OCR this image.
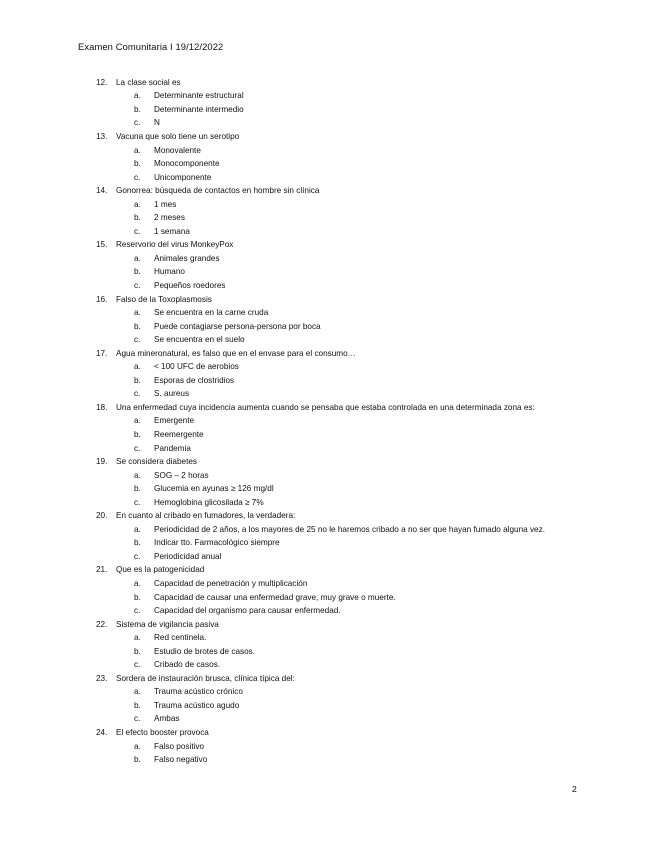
Examen Comunitaria I 19/12/2022
12.	La clase social es
a.	Determinante estructural
b.	Determinante intermedio
c.	N
13.	Vacuna que solo tiene un serotipo
a.	Monovalente
b.	Monocomponente
c.	Unicomponente
14.	Gonorrea: búsqueda de contactos en hombre sin clínica
a.	1 mes
b.	2 meses
c.	1 semana
15.	Reservorio del virus MonkeyPox
a.	Animales grandes
b.	Humano
c.	Pequeños roedores
16.	Falso de la Toxoplasmosis
a.	Se encuentra en la carne cruda
b.	Puede contagiarse persona-persona por boca
c.	Se encuentra en el suelo
17.	Agua mineronatural, es falso que en el envase para el consumo…
a.	< 100 UFC de aerobios
b.	Esporas de clostridios
c.	S. aureus
18.	Una enfermedad cuya incidencia aumenta cuando se pensaba que estaba controlada en una determinada zona es:
a.	Emergente
b.	Reemergente
c.	Pandemia
19.	Se considera diabetes
a.	SOG – 2 horas
b.	Glucemia en ayunas ≥ 126 mg/dl
c.	Hemoglobina glicosilada ≥ 7%
20.	En cuanto al cribado en fumadores, la verdadera:
a.	Periodicidad de 2 años, a los mayores de 25 no le haremos cribado a no ser que hayan fumado alguna vez.
b.	Indicar tto. Farmacológico siempre
c.	Periodicidad anual
21.	Que es la patogenicidad
a.	Capacidad de penetración y multiplicación
b.	Capacidad de causar una enfermedad grave, muy grave o muerte.
c.	Capacidad del organismo para causar enfermedad.
22.	Sistema de vigilancia pasiva
a.	Red centinela.
b.	Estudio de brotes de casos.
c.	Cribado de casos.
23.	Sordera de instauración brusca, clínica típica del:
a.	Trauma acústico crónico
b.	Trauma acústico agudo
c.	Ambas
24.	El efecto booster provoca
a.	Falso positivo
b.	Falso negativo
2
